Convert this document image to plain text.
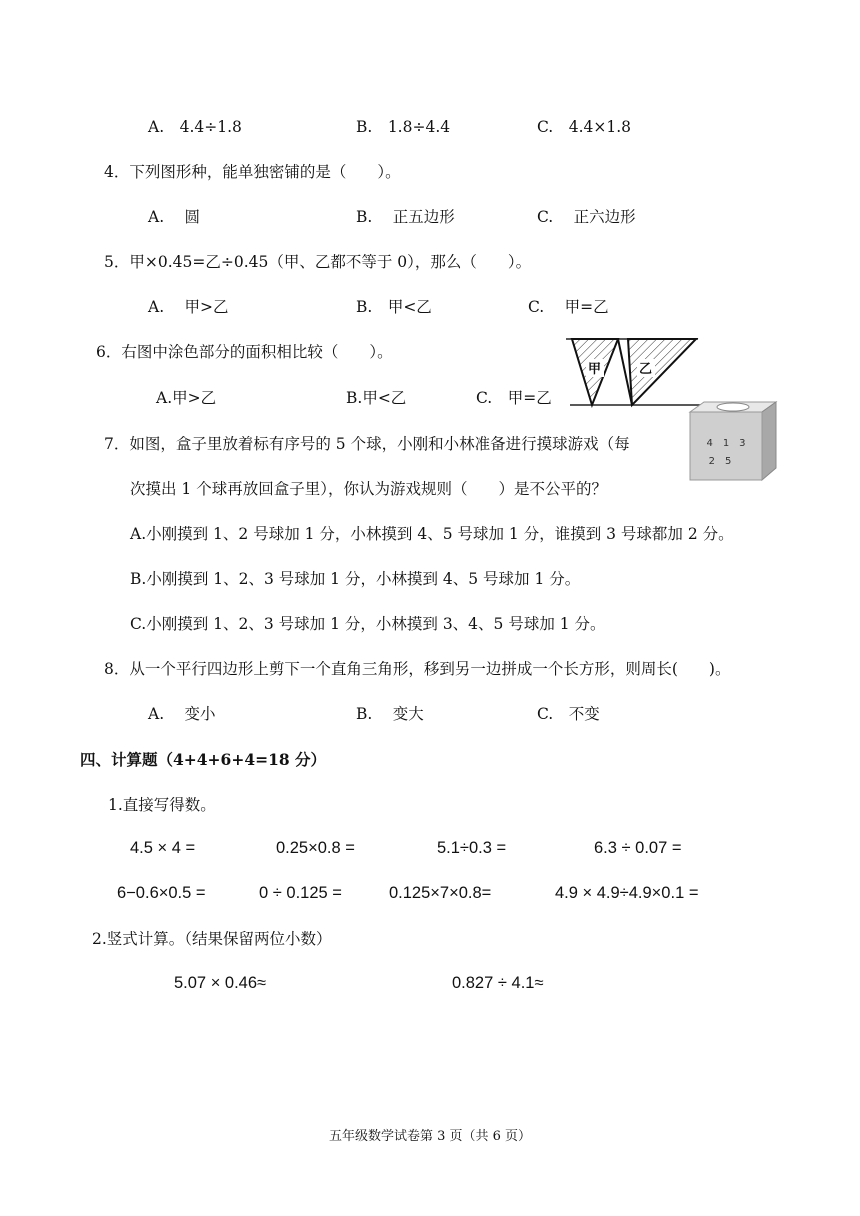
A.　4.4÷1.8	B.　1.8÷4.4	C.　4.4×1.8
4．下列图形种，能单独密铺的是（　　）。
A.　 圆	B.　 正五边形	C.　 正六边形
5．甲×0.45=乙÷0.45（甲、乙都不等于 0），那么（　　）。
A.　 甲>乙	B.　甲<乙	C.　 甲=乙
6．右图中涂色部分的面积相比较（　　）。
A.甲>乙	B.甲<乙	C.　甲=乙
甲	乙
4　1　3
2　5
7．如图，盒子里放着标有序号的 5 个球，小刚和小林准备进行摸球游戏（每
次摸出 1 个球再放回盒子里），你认为游戏规则（　　）是不公平的？
A.小刚摸到 1、2 号球加 1 分，小林摸到 4、5 号球加 1 分，谁摸到 3 号球都加 2 分。
B.小刚摸到 1、2、3 号球加 1 分，小林摸到 4、5 号球加 1 分。
C.小刚摸到 1、2、3 号球加 1 分，小林摸到 3、4、5 号球加 1 分。
8．从一个平行四边形上剪下一个直角三角形，移到另一边拼成一个长方形，则周长(　　)。
A.　 变小	B.　 变大	C.　不变
四、计算题（4+4+6+4=18 分）
1.直接写得数。
4.5 × 4 =	0.25×0.8 =	5.1÷0.3 =	6.3 ÷ 0.07 =
6−0.6×0.5 =	0 ÷ 0.125 =	0.125×7×0.8=	4.9 × 4.9÷4.9×0.1 =
2.竖式计算。（结果保留两位小数）
5.07 × 0.46≈	0.827 ÷ 4.1≈
五年级数学试卷第 3 页（共 6 页）
